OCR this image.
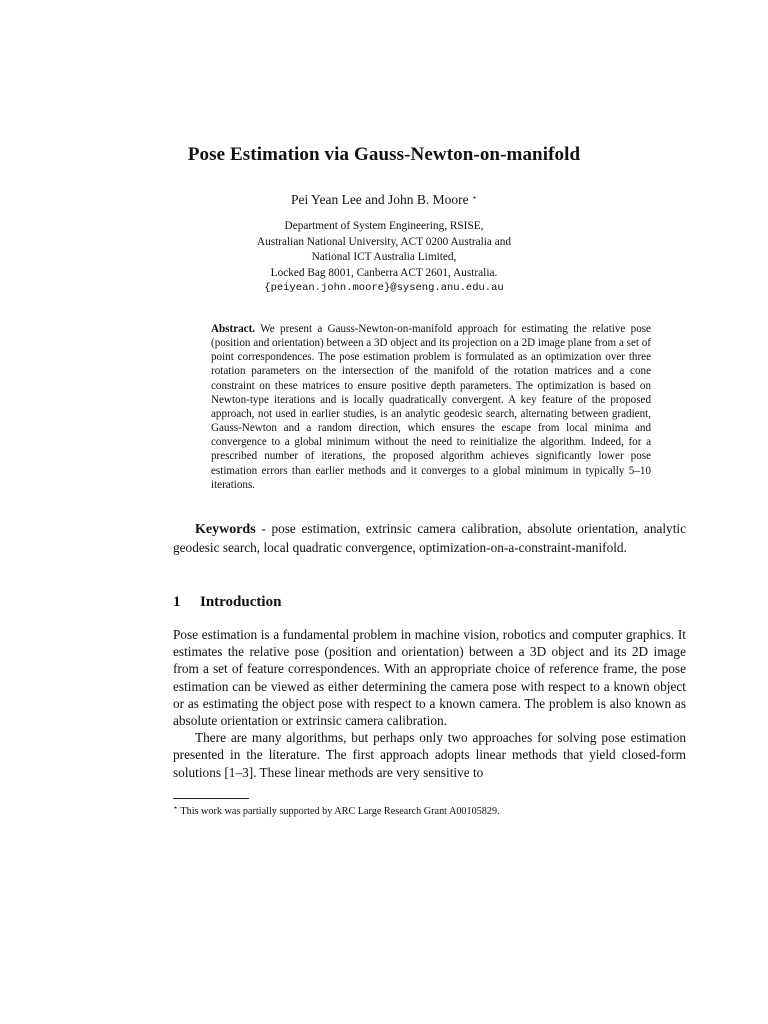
Pose Estimation via Gauss-Newton-on-manifold
Pei Yean Lee and John B. Moore ⋆
Department of System Engineering, RSISE,
Australian National University, ACT 0200 Australia and
National ICT Australia Limited,
Locked Bag 8001, Canberra ACT 2601, Australia.
{peiyean.john.moore}@syseng.anu.edu.au
Abstract. We present a Gauss-Newton-on-manifold approach for estimating the relative pose (position and orientation) between a 3D object and its projection on a 2D image plane from a set of point correspondences. The pose estimation problem is formulated as an optimization over three rotation parameters on the intersection of the manifold of the rotation matrices and a cone constraint on these matrices to ensure positive depth parameters. The optimization is based on Newton-type iterations and is locally quadratically convergent. A key feature of the proposed approach, not used in earlier studies, is an analytic geodesic search, alternating between gradient, Gauss-Newton and a random direction, which ensures the escape from local minima and convergence to a global minimum without the need to reinitialize the algorithm. Indeed, for a prescribed number of iterations, the proposed algorithm achieves significantly lower pose estimation errors than earlier methods and it converges to a global minimum in typically 5–10 iterations.
Keywords - pose estimation, extrinsic camera calibration, absolute orientation, analytic geodesic search, local quadratic convergence, optimization-on-a-constraint-manifold.
1 Introduction

Pose estimation is a fundamental problem in machine vision, robotics and computer graphics. It estimates the relative pose (position and orientation) between a 3D object and its 2D image from a set of feature correspondences. With an appropriate choice of reference frame, the pose estimation can be viewed as either determining the camera pose with respect to a known object or as estimating the object pose with respect to a known camera. The problem is also known as absolute orientation or extrinsic camera calibration.

There are many algorithms, but perhaps only two approaches for solving pose estimation presented in the literature. The first approach adopts linear methods that yield closed-form solutions [1–3]. These linear methods are very sensitive to

⋆ This work was partially supported by ARC Large Research Grant A00105829.
